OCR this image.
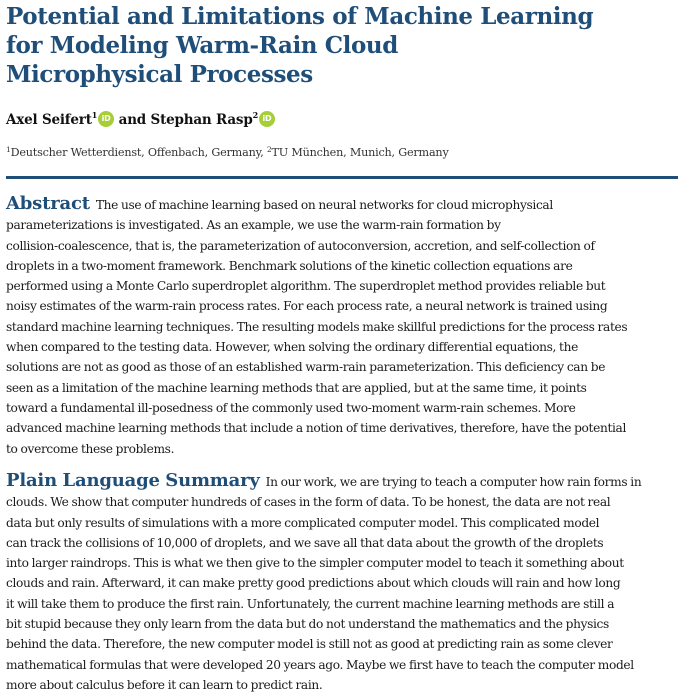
Potential and Limitations of Machine Learning
for Modeling Warm-Rain Cloud
Microphysical Processes
Axel Seifert$^1$ iD and Stephan Rasp$^2$ iD
$^1$Deutscher Wetterdienst, Offenbach, Germany, $^2$TU München, Munich, Germany
Abstract The use of machine learning based on neural networks for cloud microphysical
parameterizations is investigated. As an example, we use the warm-rain formation by
collision-coalescence, that is, the parameterization of autoconversion, accretion, and self-collection of
droplets in a two-moment framework. Benchmark solutions of the kinetic collection equations are
performed using a Monte Carlo superdroplet algorithm. The superdroplet method provides reliable but
noisy estimates of the warm-rain process rates. For each process rate, a neural network is trained using
standard machine learning techniques. The resulting models make skillful predictions for the process rates
when compared to the testing data. However, when solving the ordinary differential equations, the
solutions are not as good as those of an established warm-rain parameterization. This deficiency can be
seen as a limitation of the machine learning methods that are applied, but at the same time, it points
toward a fundamental ill-posedness of the commonly used two-moment warm-rain schemes. More
advanced machine learning methods that include a notion of time derivatives, therefore, have the potential
to overcome these problems.
Plain Language Summary In our work, we are trying to teach a computer how rain forms in
clouds. We show that computer hundreds of cases in the form of data. To be honest, the data are not real
data but only results of simulations with a more complicated computer model. This complicated model
can track the collisions of 10,000 of droplets, and we save all that data about the growth of the droplets
into larger raindrops. This is what we then give to the simpler computer model to teach it something about
clouds and rain. Afterward, it can make pretty good predictions about which clouds will rain and how long
it will take them to produce the first rain. Unfortunately, the current machine learning methods are still a
bit stupid because they only learn from the data but do not understand the mathematics and the physics
behind the data. Therefore, the new computer model is still not as good at predicting rain as some clever
mathematical formulas that were developed 20 years ago. Maybe we first have to teach the computer model
more about calculus before it can learn to predict rain.
